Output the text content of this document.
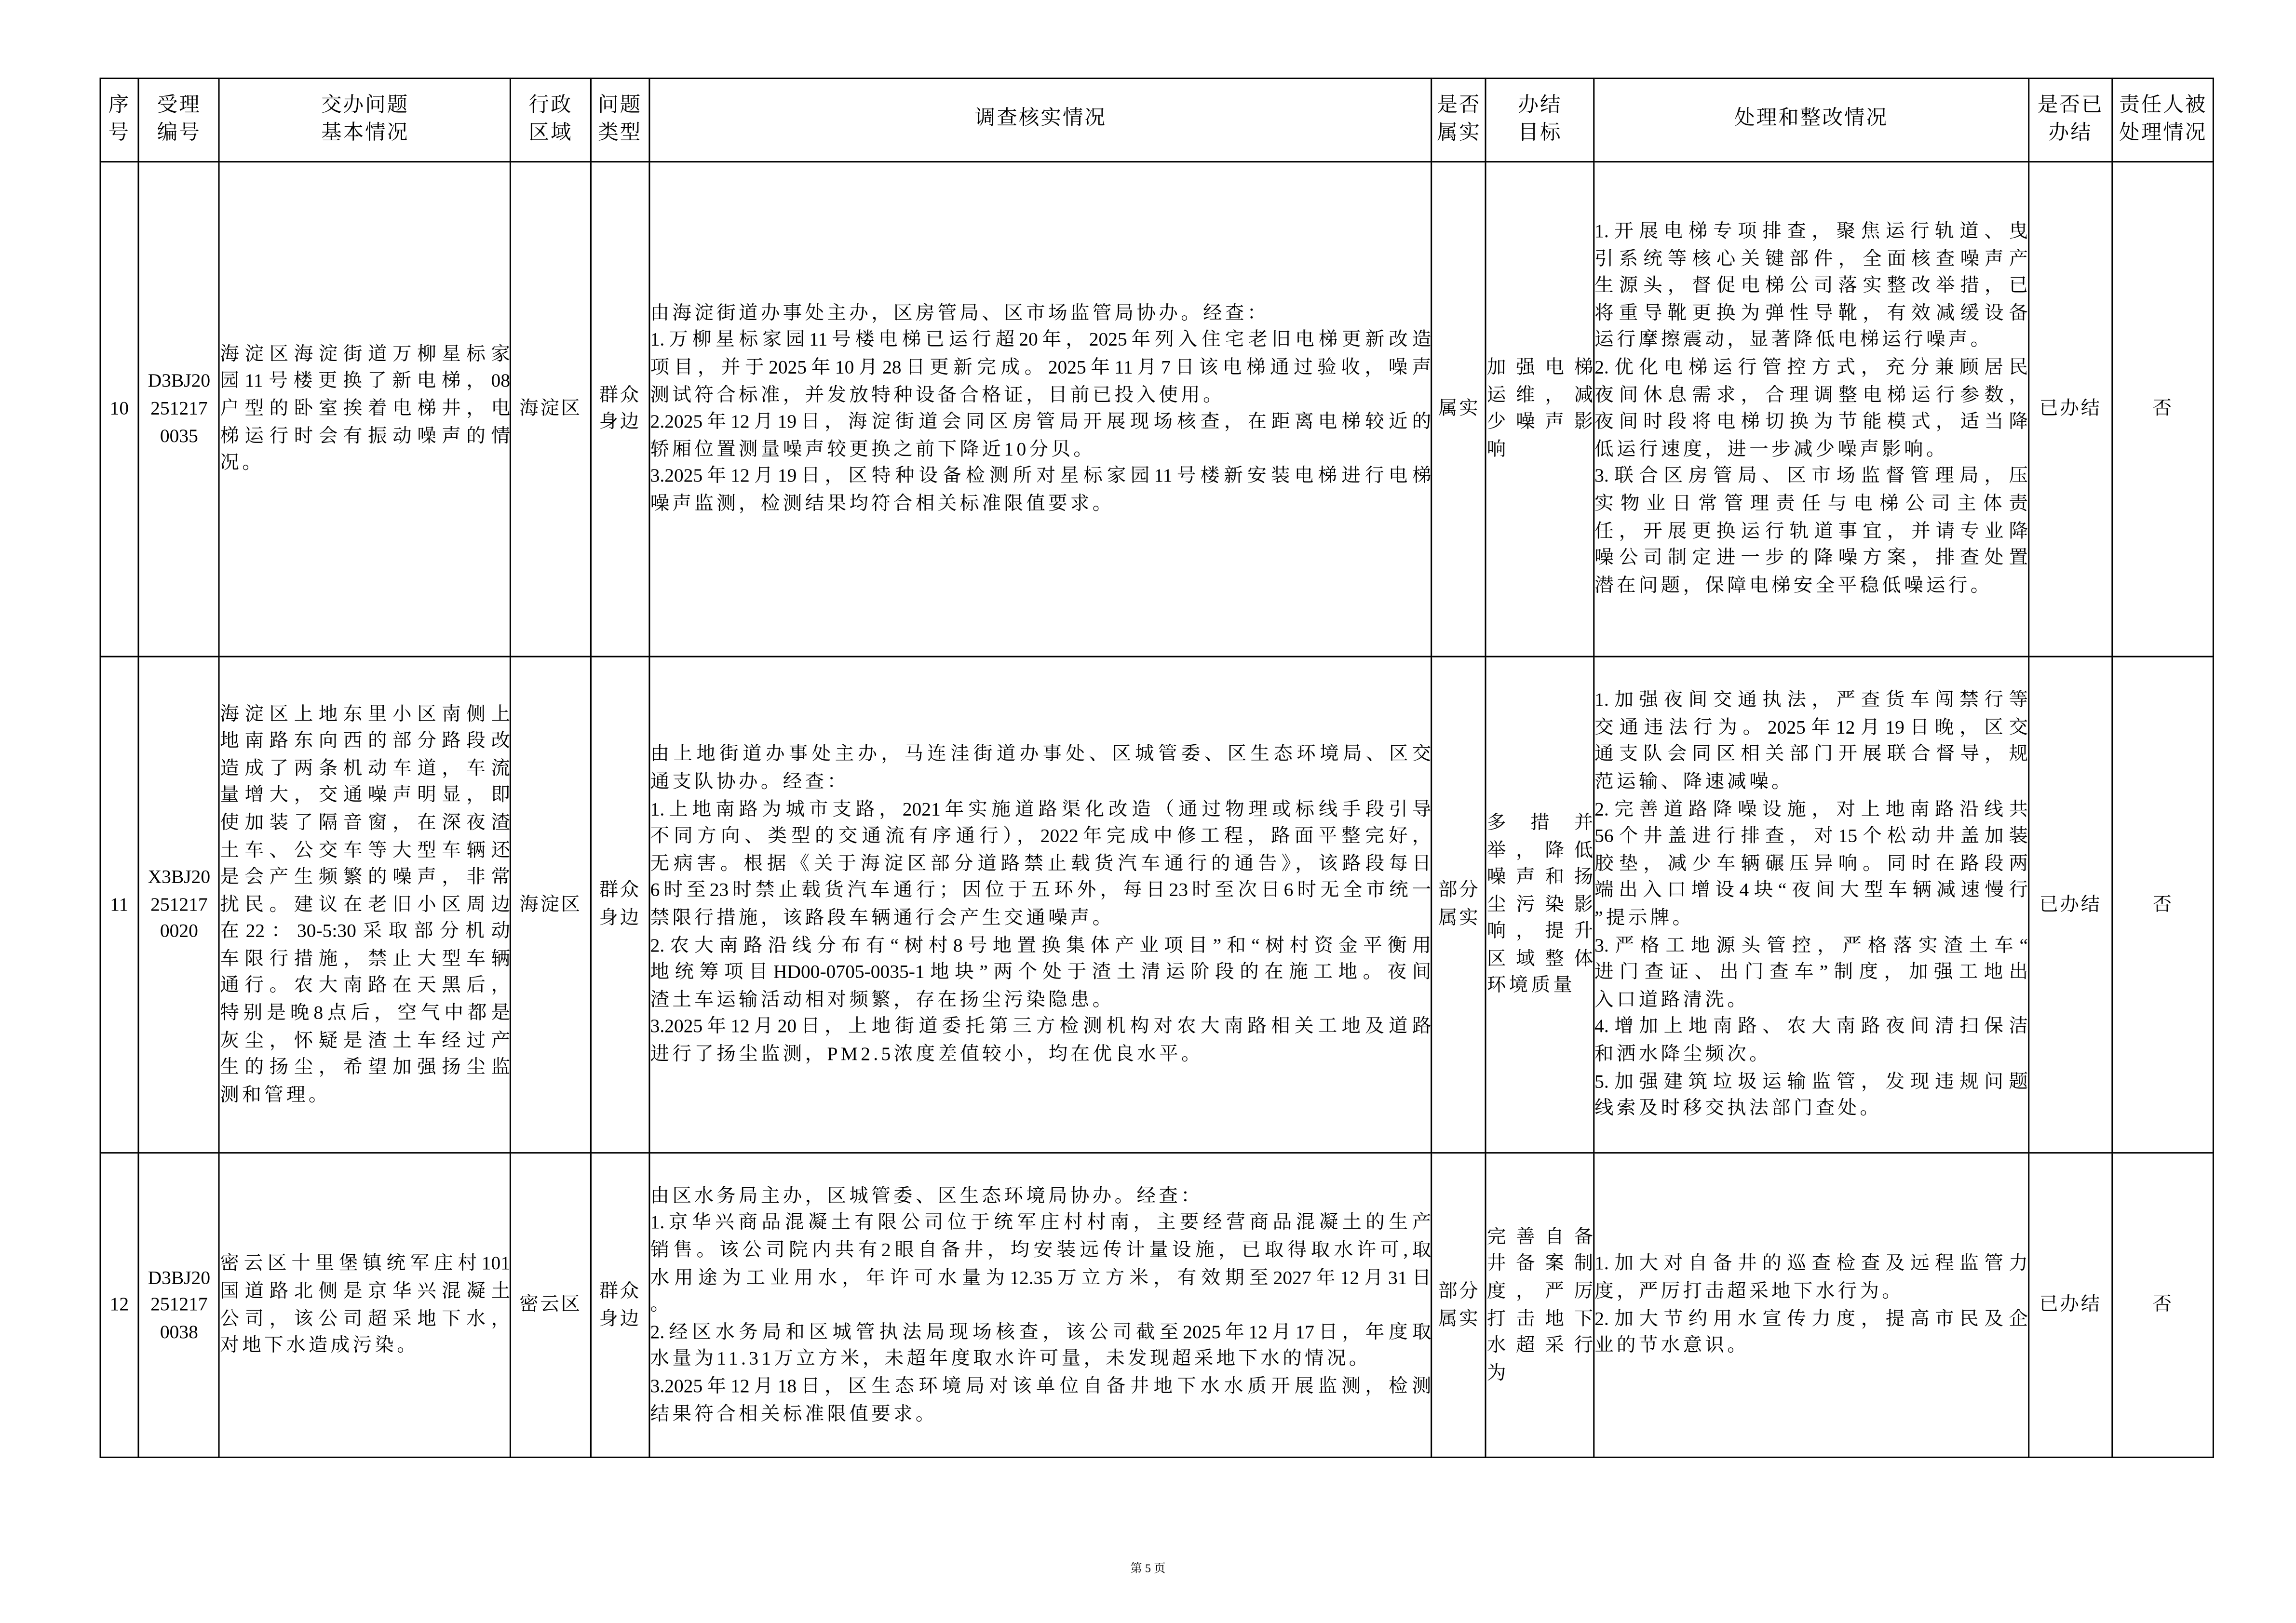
序
号

受理
编号

交办问题
基本情况

行政
区域

问题
类型

调查核实情况

是否
属实

办结
目标

处理和整改情况

是否已
办结

责任人被
处理情况

10

D3BJ20
251217
0035

海淀区海淀街道万柳星标家
园11号楼更换了新电梯，08
户型的卧室挨着电梯井，电
梯运行时会有振动噪声的情
况。

海淀区

群众
身边

由海淀街道办事处主办，区房管局、区市场监管局协办。经查：
1.万柳星标家园11号楼电梯已运行超20年，2025年列入住宅老旧电梯更新改造
项目，并于2025年10月28日更新完成。2025年11月7日该电梯通过验收，噪声
测试符合标准，并发放特种设备合格证，目前已投入使用。
2.2025年12月19日，海淀街道会同区房管局开展现场核查，在距离电梯较近的
轿厢位置测量噪声较更换之前下降近10分贝。
3.2025年12月19日，区特种设备检测所对星标家园11号楼新安装电梯进行电梯
噪声监测，检测结果均符合相关标准限值要求。

属实

加强电梯
运维，减
少噪声影
响

1.开展电梯专项排查，聚焦运行轨道、曳
引系统等核心关键部件，全面核查噪声产
生源头，督促电梯公司落实整改举措，已
将重导靴更换为弹性导靴，有效减缓设备
运行摩擦震动，显著降低电梯运行噪声。
2.优化电梯运行管控方式，充分兼顾居民
夜间休息需求，合理调整电梯运行参数，
夜间时段将电梯切换为节能模式，适当降
低运行速度，进一步减少噪声影响。
3.联合区房管局、区市场监督管理局，压
实物业日常管理责任与电梯公司主体责
任，开展更换运行轨道事宜，并请专业降
噪公司制定进一步的降噪方案，排查处置
潜在问题，保障电梯安全平稳低噪运行。

已办结	否

11

X3BJ20
251217
0020

海淀区上地东里小区南侧上
地南路东向西的部分路段改
造成了两条机动车道，车流
量增大，交通噪声明显，即
使加装了隔音窗，在深夜渣
土车、公交车等大型车辆还
是会产生频繁的噪声，非常
扰民。建议在老旧小区周边
在22：30-5:30采取部分机动
车限行措施，禁止大型车辆
通行。农大南路在天黑后，
特别是晚8点后，空气中都是
灰尘，怀疑是渣土车经过产
生的扬尘，希望加强扬尘监
测和管理。

海淀区

群众
身边

由上地街道办事处主办，马连洼街道办事处、区城管委、区生态环境局、区交
通支队协办。经查：
1.上地南路为城市支路，2021年实施道路渠化改造（通过物理或标线手段引导
不同方向、类型的交通流有序通行），2022年完成中修工程，路面平整完好，
无病害。根据《关于海淀区部分道路禁止载货汽车通行的通告》，该路段每日
6时至23时禁止载货汽车通行；因位于五环外，每日23时至次日6时无全市统一
禁限行措施，该路段车辆通行会产生交通噪声。
2.农大南路沿线分布有“树村8号地置换集体产业项目”和“树村资金平衡用
地统筹项目HD00-0705-0035-1地块”两个处于渣土清运阶段的在施工地。夜间
渣土车运输活动相对频繁，存在扬尘污染隐患。
3.2025年12月20日，上地街道委托第三方检测机构对农大南路相关工地及道路
进行了扬尘监测，PM2.5浓度差值较小，均在优良水平。

部分
属实

多措并
举，降低
噪声和扬
尘污染影
响，提升
区域整体
环境质量

1.加强夜间交通执法，严查货车闯禁行等
交通违法行为。2025年12月19日晚，区交
通支队会同区相关部门开展联合督导，规
范运输、降速减噪。
2.完善道路降噪设施，对上地南路沿线共
56个井盖进行排查，对15个松动井盖加装
胶垫，减少车辆碾压异响。同时在路段两
端出入口增设4块“夜间大型车辆减速慢行
”提示牌。
3.严格工地源头管控，严格落实渣土车“
进门查证、出门查车”制度，加强工地出
入口道路清洗。
4.增加上地南路、农大南路夜间清扫保洁
和洒水降尘频次。
5.加强建筑垃圾运输监管，发现违规问题
线索及时移交执法部门查处。

已办结	否

12

D3BJ20
251217
0038

密云区十里堡镇统军庄村101
国道路北侧是京华兴混凝土
公司，该公司超采地下水，
对地下水造成污染。

密云区

群众
身边

由区水务局主办，区城管委、区生态环境局协办。经查：
1.京华兴商品混凝土有限公司位于统军庄村村南，主要经营商品混凝土的生产
销售。该公司院内共有2眼自备井，均安装远传计量设施，已取得取水许可,取
水用途为工业用水，年许可水量为12.35万立方米，有效期至2027年12月31日
。
2.经区水务局和区城管执法局现场核查，该公司截至2025年12月17日，年度取
水量为11.31万立方米，未超年度取水许可量，未发现超采地下水的情况。
3.2025年12月18日，区生态环境局对该单位自备井地下水水质开展监测，检测
结果符合相关标准限值要求。

部分
属实

完善自备
井备案制
度，严厉
打击地下
水超采行
为

1.加大对自备井的巡查检查及远程监管力
度，严厉打击超采地下水行为。
2.加大节约用水宣传力度，提高市民及企
业的节水意识。

已办结	否
第 5 页
